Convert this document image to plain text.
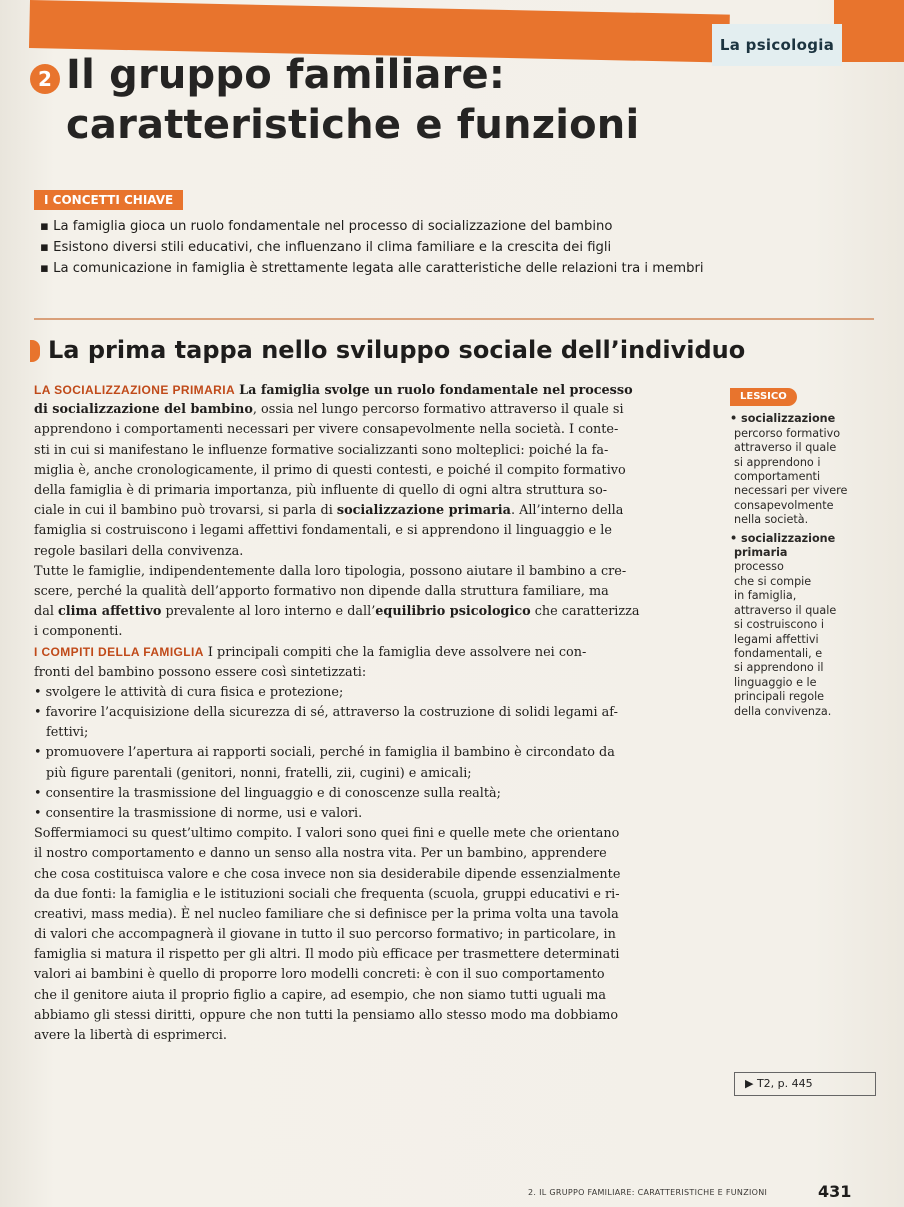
La psicologia
2 Il gruppo familiare:
caratteristiche e funzioni
I CONCETTI CHIAVE
▪ La famiglia gioca un ruolo fondamentale nel processo di socializzazione del bambino
▪ Esistono diversi stili educativi, che influenzano il clima familiare e la crescita dei figli
▪ La comunicazione in famiglia è strettamente legata alle caratteristiche delle relazioni tra i membri
La prima tappa nello sviluppo sociale dell’individuo
LA SOCIALIZZAZIONE PRIMARIA La famiglia svolge un ruolo fondamentale nel processo
di socializzazione del bambino, ossia nel lungo percorso formativo attraverso il quale si
apprendono i comportamenti necessari per vivere consapevolmente nella società. I conte-
sti in cui si manifestano le influenze formative socializzanti sono molteplici: poiché la fa-
miglia è, anche cronologicamente, il primo di questi contesti, e poiché il compito formativo
della famiglia è di primaria importanza, più influente di quello di ogni altra struttura so-
ciale in cui il bambino può trovarsi, si parla di socializzazione primaria. All’interno della
famiglia si costruiscono i legami affettivi fondamentali, e si apprendono il linguaggio e le
regole basilari della convivenza.
Tutte le famiglie, indipendentemente dalla loro tipologia, possono aiutare il bambino a cre-
scere, perché la qualità dell’apporto formativo non dipende dalla struttura familiare, ma
dal clima affettivo prevalente al loro interno e dall’equilibrio psicologico che caratterizza
i componenti.
I COMPITI DELLA FAMIGLIA I principali compiti che la famiglia deve assolvere nei con-
fronti del bambino possono essere così sintetizzati:
• svolgere le attività di cura fisica e protezione;
• favorire l’acquisizione della sicurezza di sé, attraverso la costruzione di solidi legami af-
fettivi;
• promuovere l’apertura ai rapporti sociali, perché in famiglia il bambino è circondato da
più figure parentali (genitori, nonni, fratelli, zii, cugini) e amicali;
• consentire la trasmissione del linguaggio e di conoscenze sulla realtà;
• consentire la trasmissione di norme, usi e valori.
Soffermiamoci su quest’ultimo compito. I valori sono quei fini e quelle mete che orientano
il nostro comportamento e danno un senso alla nostra vita. Per un bambino, apprendere
che cosa costituisca valore e che cosa invece non sia desiderabile dipende essenzialmente
da due fonti: la famiglia e le istituzioni sociali che frequenta (scuola, gruppi educativi e ri-
creativi, mass media). È nel nucleo familiare che si definisce per la prima volta una tavola
di valori che accompagnerà il giovane in tutto il suo percorso formativo; in particolare, in
famiglia si matura il rispetto per gli altri. Il modo più efficace per trasmettere determinati
valori ai bambini è quello di proporre loro modelli concreti: è con il suo comportamento
che il genitore aiuta il proprio figlio a capire, ad esempio, che non siamo tutti uguali ma
abbiamo gli stessi diritti, oppure che non tutti la pensiamo allo stesso modo ma dobbiamo
avere la libertà di esprimerci.
LESSICO
• socializzazione
percorso formativo
attraverso il quale
si apprendono i
comportamenti
necessari per vivere
consapevolmente
nella società.
• socializzazione
primaria
processo
che si compie
in famiglia,
attraverso il quale
si costruiscono i
legami affettivi
fondamentali, e
si apprendono il
linguaggio e le
principali regole
della convivenza.
▶ T2, p. 445
2. IL GRUPPO FAMILIARE: CARATTERISTICHE E FUNZIONI	431
